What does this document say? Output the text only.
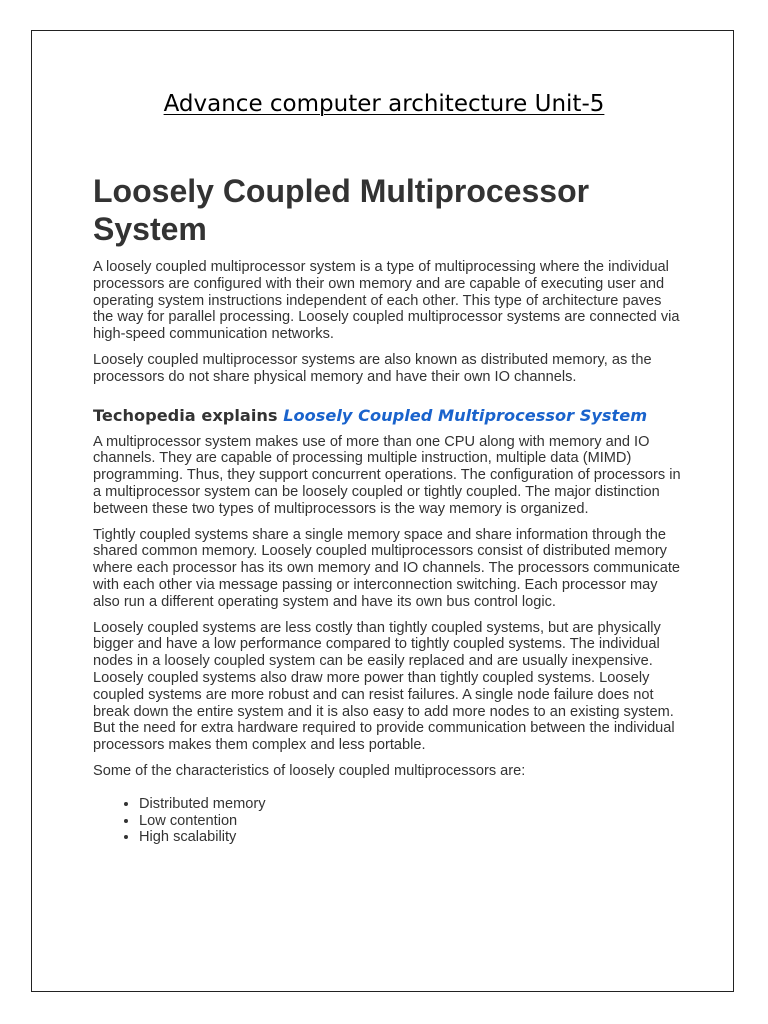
Advance computer architecture Unit-5
Loosely Coupled Multiprocessor System

A loosely coupled multiprocessor system is a type of multiprocessing where the individual processors are configured with their own memory and are capable of executing user and operating system instructions independent of each other. This type of architecture paves the way for parallel processing. Loosely coupled multiprocessor systems are connected via high-speed communication networks.

Loosely coupled multiprocessor systems are also known as distributed memory, as the processors do not share physical memory and have their own IO channels.

Techopedia explains Loosely Coupled Multiprocessor System

A multiprocessor system makes use of more than one CPU along with memory and IO channels. They are capable of processing multiple instruction, multiple data (MIMD) programming. Thus, they support concurrent operations. The configuration of processors in a multiprocessor system can be loosely coupled or tightly coupled. The major distinction between these two types of multiprocessors is the way memory is organized.

Tightly coupled systems share a single memory space and share information through the shared common memory. Loosely coupled multiprocessors consist of distributed memory where each processor has its own memory and IO channels. The processors communicate with each other via message passing or interconnection switching. Each processor may also run a different operating system and have its own bus control logic.

Loosely coupled systems are less costly than tightly coupled systems, but are physically bigger and have a low performance compared to tightly coupled systems. The individual nodes in a loosely coupled system can be easily replaced and are usually inexpensive. Loosely coupled systems also draw more power than tightly coupled systems. Loosely coupled systems are more robust and can resist failures. A single node failure does not break down the entire system and it is also easy to add more nodes to an existing system. But the need for extra hardware required to provide communication between the individual processors makes them complex and less portable.

Some of the characteristics of loosely coupled multiprocessors are:

• Distributed memory
• Low contention
• High scalability
